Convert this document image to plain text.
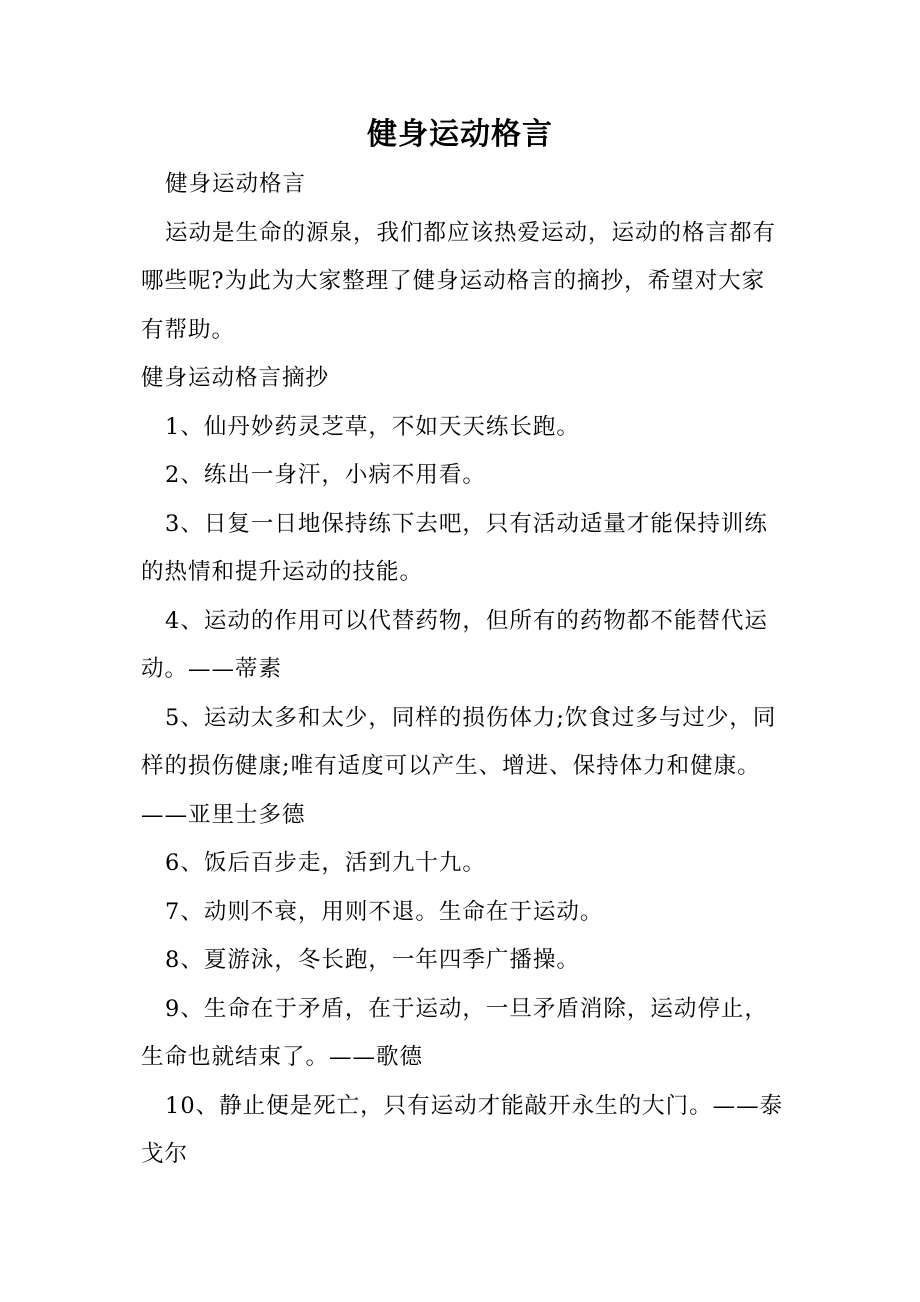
健身运动格言

健身运动格言

运动是生命的源泉，我们都应该热爱运动，运动的格言都有哪些呢?为此为大家整理了健身运动格言的摘抄，希望对大家有帮助。

健身运动格言摘抄

1、仙丹妙药灵芝草，不如天天练长跑。

2、练出一身汗，小病不用看。

3、日复一日地保持练下去吧，只有活动适量才能保持训练的热情和提升运动的技能。

4、运动的作用可以代替药物，但所有的药物都不能替代运动。——蒂素

5、运动太多和太少，同样的损伤体力;饮食过多与过少，同样的损伤健康;唯有适度可以产生、增进、保持体力和健康。——亚里士多德

6、饭后百步走，活到九十九。

7、动则不衰，用则不退。生命在于运动。

8、夏游泳，冬长跑，一年四季广播操。

9、生命在于矛盾，在于运动，一旦矛盾消除，运动停止，生命也就结束了。——歌德

10、静止便是死亡，只有运动才能敲开永生的大门。——泰戈尔
